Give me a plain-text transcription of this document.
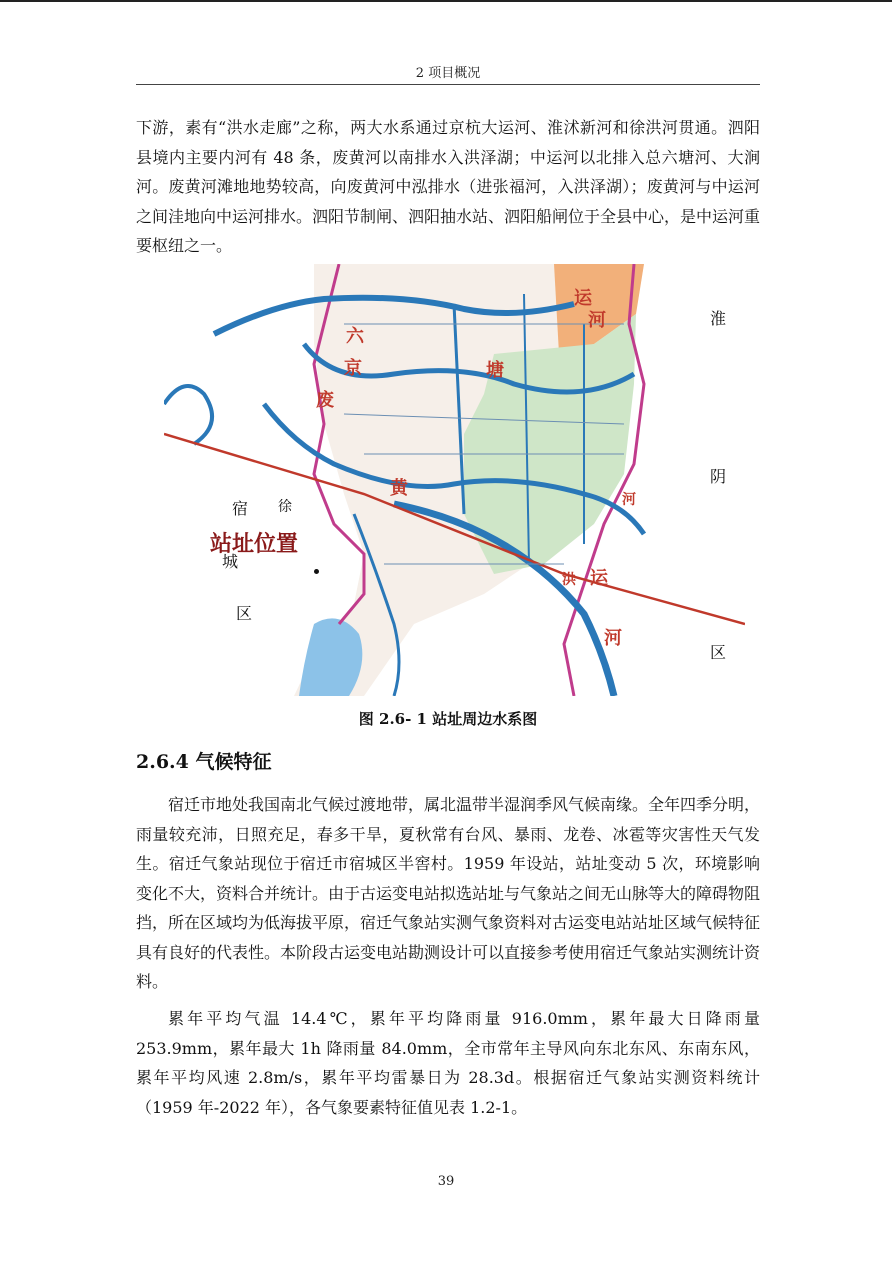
2 项目概况

下游，素有“洪水走廊”之称，两大水系通过京杭大运河、淮沭新河和徐洪河贯通。泗阳县境内主要内河有 48 条，废黄河以南排水入洪泽湖；中运河以北排入总六塘河、大涧河。废黄河滩地地势较高，向废黄河中泓排水（进张福河，入洪泽湖）；废黄河与中运河之间洼地向中运河排水。泗阳节制闸、泗阳抽水站、泗阳船闸位于全县中心，是中运河重要枢纽之一。

站址位置
宿
城
区
徐
淮
阴
区
六
塘
京
废
黄
运
河
洪
河
运
河
图 2.6- 1 站址周边水系图
2.6.4 气候特征

宿迁市地处我国南北气候过渡地带，属北温带半湿润季风气候南缘。全年四季分明，雨量较充沛，日照充足，春多干旱，夏秋常有台风、暴雨、龙卷、冰雹等灾害性天气发生。宿迁气象站现位于宿迁市宿城区半窖村。1959 年设站，站址变动 5 次，环境影响变化不大，资料合并统计。由于古运变电站拟选站址与气象站之间无山脉等大的障碍物阻挡，所在区域均为低海拔平原，宿迁气象站实测气象资料对古运变电站站址区域气候特征具有良好的代表性。本阶段古运变电站勘测设计可以直接参考使用宿迁气象站实测统计资料。

累年平均气温 14.4℃，累年平均降雨量 916.0mm，累年最大日降雨量 253.9mm，累年最大 1h 降雨量 84.0mm，全市常年主导风向东北东风、东南东风，累年平均风速 2.8m/s，累年平均雷暴日为 28.3d。根据宿迁气象站实测资料统计（1959 年-2022 年），各气象要素特征值见表 1.2-1。

39
